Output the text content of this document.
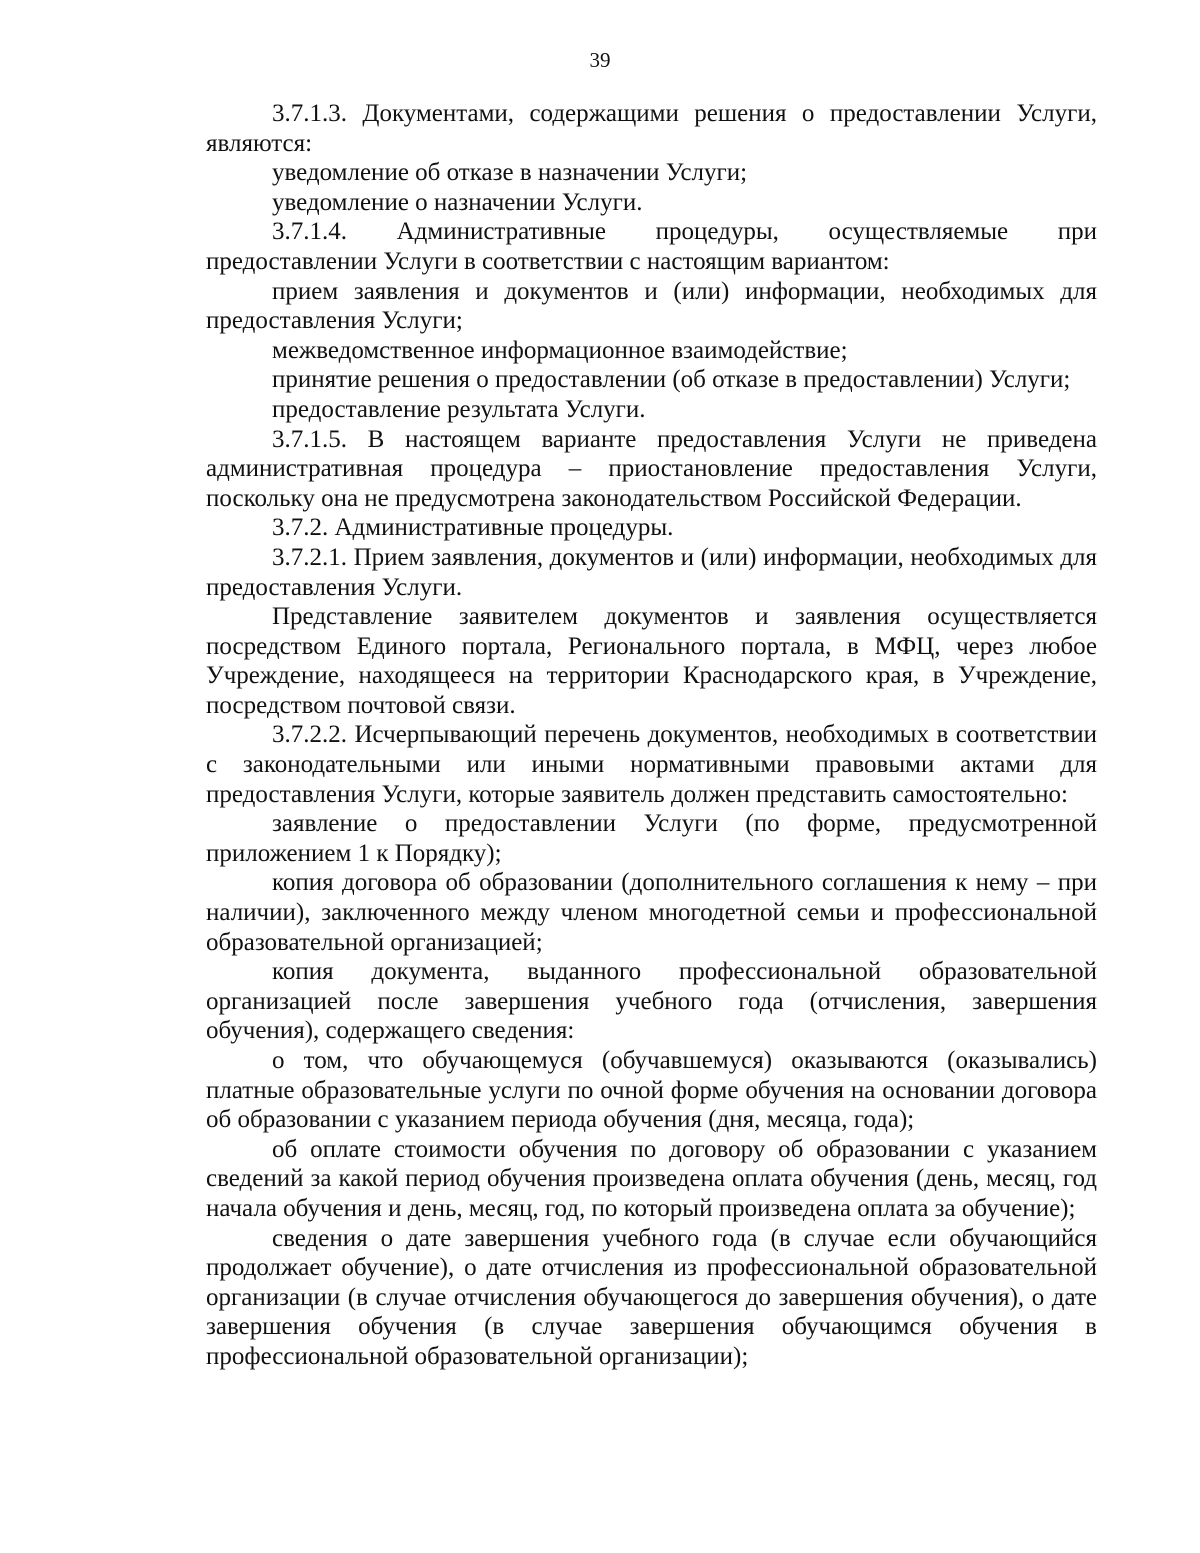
39

3.7.1.3. Документами, содержащими решения о предоставлении Услуги, являются:

уведомление об отказе в назначении Услуги;

уведомление о назначении Услуги.

3.7.1.4. Административные процедуры, осуществляемые при предоставлении Услуги в соответствии с настоящим вариантом:

прием заявления и документов и (или) информации, необходимых для предоставления Услуги;

межведомственное информационное взаимодействие;

принятие решения о предоставлении (об отказе в предоставлении) Услуги;

предоставление результата Услуги.

3.7.1.5. В настоящем варианте предоставления Услуги не приведена административная процедура – приостановление предоставления Услуги, поскольку она не предусмотрена законодательством Российской Федерации.

3.7.2. Административные процедуры.

3.7.2.1. Прием заявления, документов и (или) информации, необходимых для предоставления Услуги.

Представление заявителем документов и заявления осуществляется посредством Единого портала, Регионального портала, в МФЦ, через любое Учреждение, находящееся на территории Краснодарского края, в Учреждение, посредством почтовой связи.

3.7.2.2. Исчерпывающий перечень документов, необходимых в соответствии с законодательными или иными нормативными правовыми актами для предоставления Услуги, которые заявитель должен представить самостоятельно:

заявление о предоставлении Услуги (по форме, предусмотренной приложением 1 к Порядку);

копия договора об образовании (дополнительного соглашения к нему – при наличии), заключенного между членом многодетной семьи и профессиональной образовательной организацией;

копия документа, выданного профессиональной образовательной организацией после завершения учебного года (отчисления, завершения обучения), содержащего сведения:

о том, что обучающемуся (обучавшемуся) оказываются (оказывались) платные образовательные услуги по очной форме обучения на основании договора об образовании с указанием периода обучения (дня, месяца, года);

об оплате стоимости обучения по договору об образовании с указанием сведений за какой период обучения произведена оплата обучения (день, месяц, год начала обучения и день, месяц, год, по который произведена оплата за обучение);

сведения о дате завершения учебного года (в случае если обучающийся продолжает обучение), о дате отчисления из профессиональной образовательной организации (в случае отчисления обучающегося до завершения обучения), о дате завершения обучения (в случае завершения обучающимся обучения в профессиональной образовательной организации);
